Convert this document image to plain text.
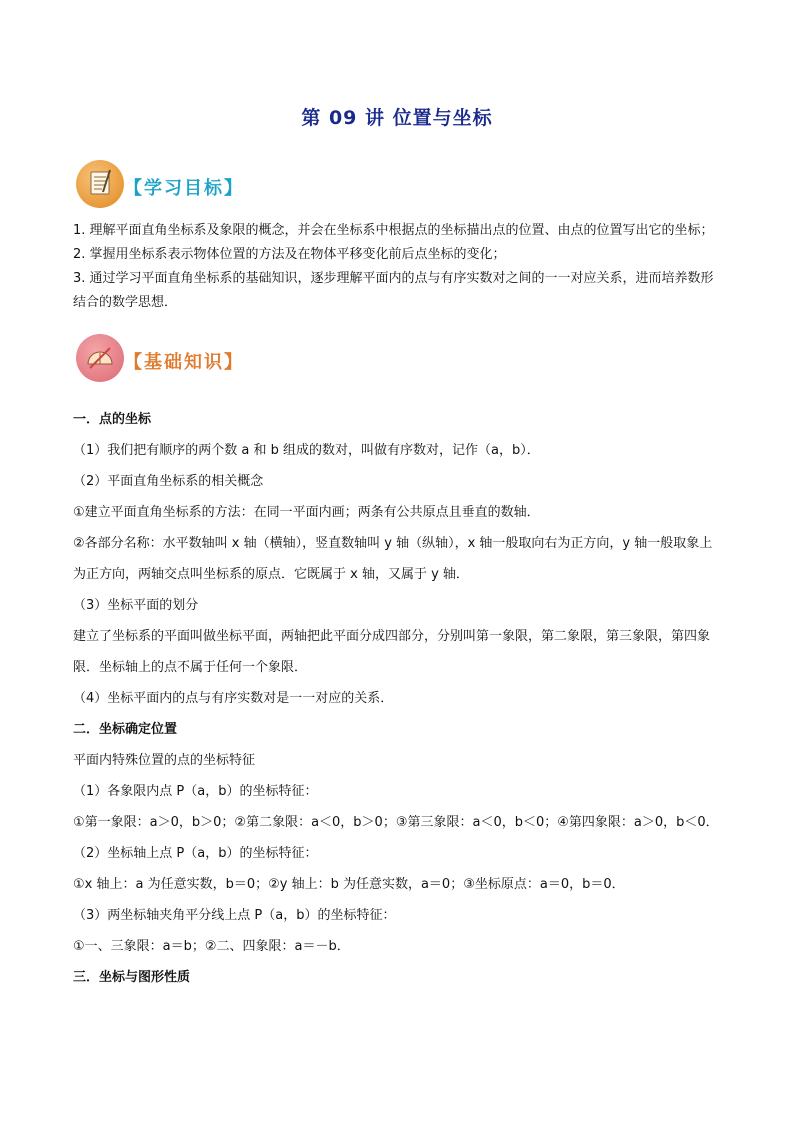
第 09 讲 位置与坐标
【学习目标】

1. 理解平面直角坐标系及象限的概念，并会在坐标系中根据点的坐标描出点的位置、由点的位置写出它的坐标；

2. 掌握用坐标系表示物体位置的方法及在物体平移变化前后点坐标的变化；

3. 通过学习平面直角坐标系的基础知识，逐步理解平面内的点与有序实数对之间的一一对应关系，进而培养数形结合的数学思想．

【基础知识】

一．点的坐标

（1）我们把有顺序的两个数 a 和 b 组成的数对，叫做有序数对，记作（a，b）．

（2）平面直角坐标系的相关概念

①建立平面直角坐标系的方法：在同一平面内画；两条有公共原点且垂直的数轴．

②各部分名称：水平数轴叫 x 轴（横轴），竖直数轴叫 y 轴（纵轴），x 轴一般取向右为正方向，y 轴一般取象上为正方向，两轴交点叫坐标系的原点．它既属于 x 轴，又属于 y 轴．

（3）坐标平面的划分

建立了坐标系的平面叫做坐标平面，两轴把此平面分成四部分，分别叫第一象限，第二象限，第三象限，第四象限．坐标轴上的点不属于任何一个象限．

（4）坐标平面内的点与有序实数对是一一对应的关系．

二．坐标确定位置

平面内特殊位置的点的坐标特征

（1）各象限内点 P（a，b）的坐标特征：

①第一象限：a＞0，b＞0；②第二象限：a＜0，b＞0；③第三象限：a＜0，b＜0；④第四象限：a＞0，b＜0．

（2）坐标轴上点 P（a，b）的坐标特征：

①x 轴上：a 为任意实数，b＝0；②y 轴上：b 为任意实数，a＝0；③坐标原点：a＝0，b＝0．

（3）两坐标轴夹角平分线上点 P（a，b）的坐标特征：

①一、三象限：a＝b；②二、四象限：a＝－b．

三．坐标与图形性质
